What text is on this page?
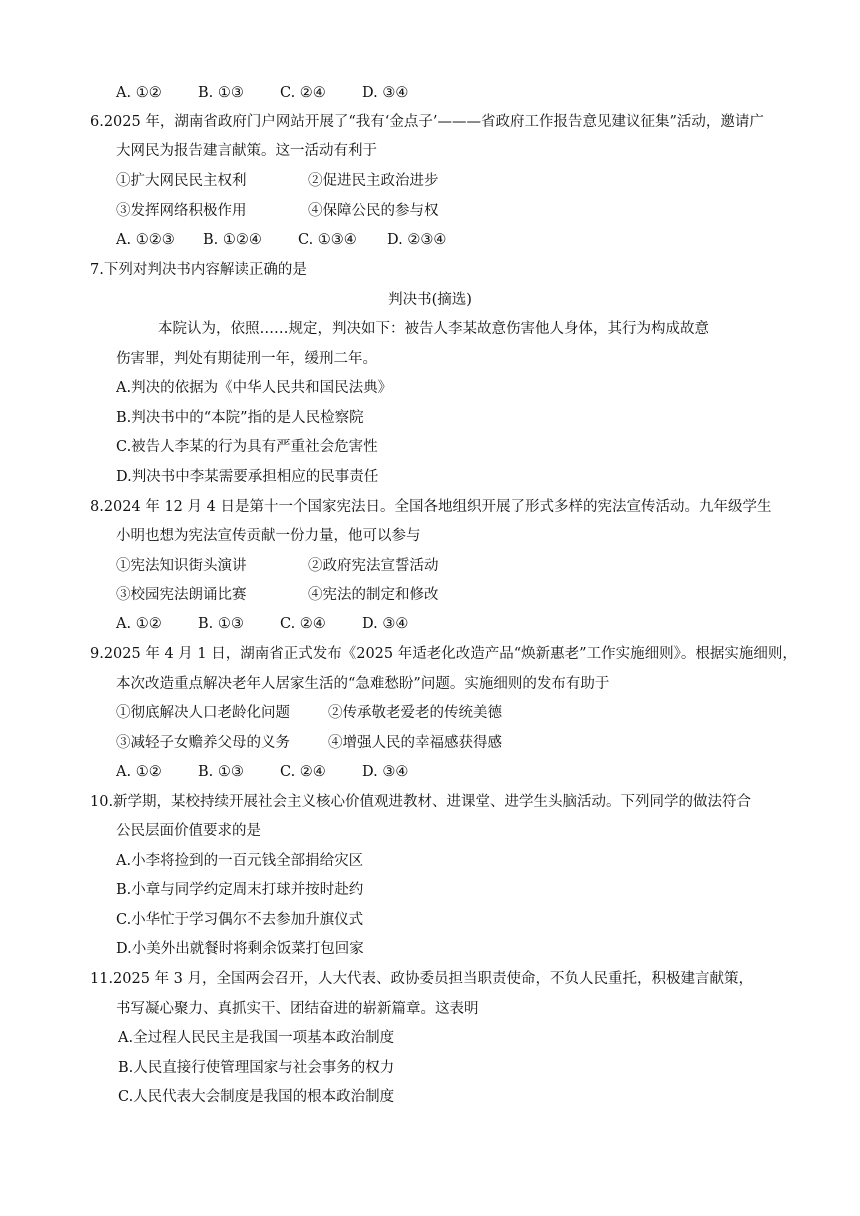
A. ①②	B. ①③ C. ②④ D. ③④
6.2025 年，湖南省政府门户网站开展了“我有‘金点子’———省政府工作报告意见建议征集”活动，邀请广
大网民为报告建言献策。这一活动有利于
①扩大网民民主权利	②促进民主政治进步
③发挥网络积极作用	④保障公民的参与权
A. ①②③ B. ①②④ C. ①③④ D. ②③④
7.下列对判决书内容解读正确的是
判决书(摘选)
本院认为，依照……规定，判决如下：被告人李某故意伤害他人身体，其行为构成故意
伤害罪，判处有期徒刑一年，缓刑二年。
A.判决的依据为《中华人民共和国民法典》
B.判决书中的“本院”指的是人民检察院
C.被告人李某的行为具有严重社会危害性
D.判决书中李某需要承担相应的民事责任
8.2024 年 12 月 4 日是第十一个国家宪法日。全国各地组织开展了形式多样的宪法宣传活动。九年级学生
小明也想为宪法宣传贡献一份力量，他可以参与
①宪法知识街头演讲	②政府宪法宣誓活动
③校园宪法朗诵比赛	④宪法的制定和修改
A. ①②	B. ①③ C. ②④ D. ③④
9.2025 年 4 月 1 日，湖南省正式发布《2025 年适老化改造产品“焕新惠老”工作实施细则》。根据实施细则，
本次改造重点解决老年人居家生活的“急难愁盼”问题。实施细则的发布有助于
①彻底解决人口老龄化问题	②传承敬老爱老的传统美德
③减轻子女赡养父母的义务	④增强人民的幸福感获得感
A. ①②	B. ①③ C. ②④ D. ③④
10.新学期，某校持续开展社会主义核心价值观进教材、进课堂、进学生头脑活动。下列同学的做法符合
公民层面价值要求的是
A.小李将捡到的一百元钱全部捐给灾区
B.小章与同学约定周末打球并按时赴约
C.小华忙于学习偶尔不去参加升旗仪式
D.小美外出就餐时将剩余饭菜打包回家
11.2025 年 3 月，全国两会召开，人大代表、政协委员担当职责使命，不负人民重托，积极建言献策，
书写凝心聚力、真抓实干、团结奋进的崭新篇章。这表明
A.全过程人民民主是我国一项基本政治制度
B.人民直接行使管理国家与社会事务的权力
C.人民代表大会制度是我国的根本政治制度
